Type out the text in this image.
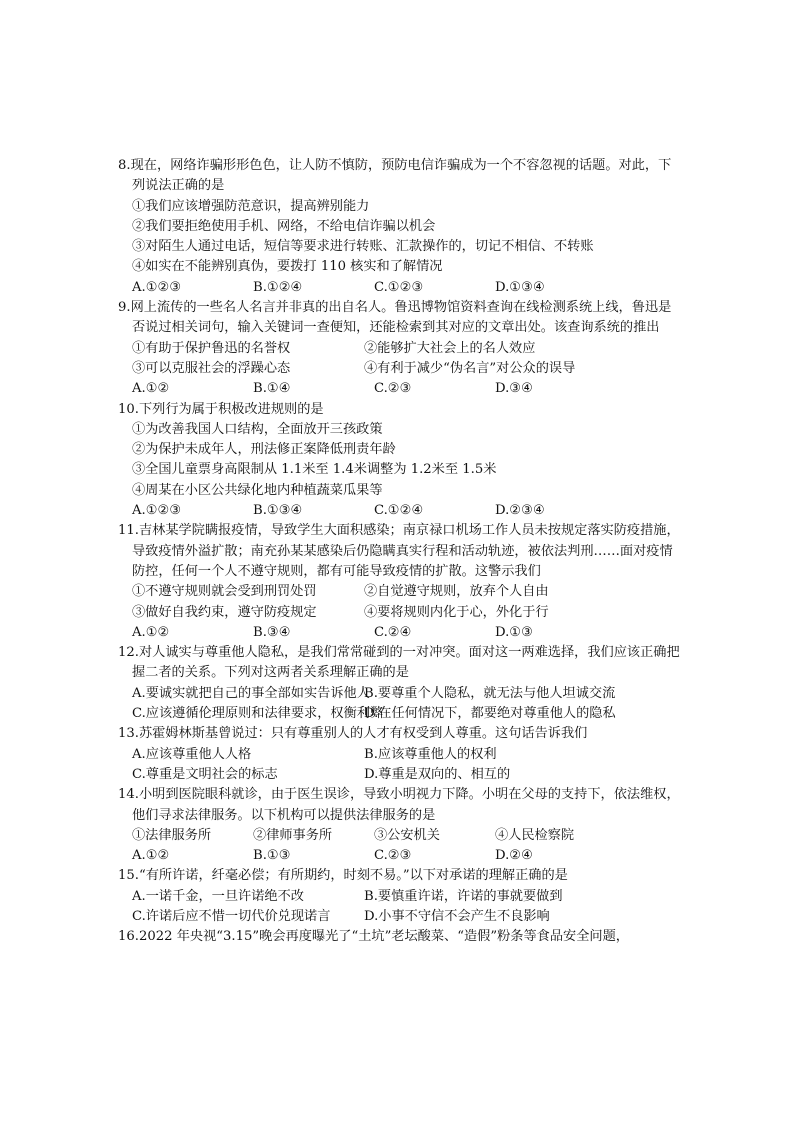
8.现在，网络诈骗形形色色，让人防不慎防，预防电信诈骗成为一个不容忽视的话题。对此，下列说法正确的是

①我们应该增强防范意识，提高辨别能力

②我们要拒绝使用手机、网络，不给电信诈骗以机会

③对陌生人通过电话，短信等要求进行转账、汇款操作的，切记不相信、不转账

④如实在不能辨别真伪，要拨打 110 核实和了解情况

A.①②③	B.①②④	C.①②③	D.①③④

9.网上流传的一些名人名言并非真的出自名人。鲁迅博物馆资料查询在线检测系统上线，鲁迅是否说过相关词句，输入关键词一查便知，还能检索到其对应的文章出处。该查询系统的推出

①有助于保护鲁迅的名誉权	②能够扩大社会上的名人效应
③可以克服社会的浮躁心态	④有利于减少“伪名言”对公众的误导
A.①②	B.①④	C.②③	D.③④

10.下列行为属于积极改进规则的是

①为改善我国人口结构，全面放开三孩政策

②为保护未成年人，刑法修正案降低刑责年龄

③全国儿童票身高限制从 1.1米至 1.4米调整为 1.2米至 1.5米

④周某在小区公共绿化地内种植蔬菜瓜果等

A.①②③	B.①③④	C.①②④	D.②③④

11.吉林某学院瞒报疫情，导致学生大面积感染；南京禄口机场工作人员未按规定落实防疫措施，导致疫情外溢扩散；南充孙某某感染后仍隐瞒真实行程和活动轨迹，被依法判刑……面对疫情防控，任何一个人不遵守规则，都有可能导致疫情的扩散。这警示我们

①不遵守规则就会受到刑罚处罚	②自觉遵守规则，放弃个人自由
③做好自我约束，遵守防疫规定	④要将规则内化于心，外化于行
A.①②	B.③④	C.②④	D.①③

12.对人诚实与尊重他人隐私，是我们常常碰到的一对冲突。面对这一两难选择，我们应该正确把握二者的关系。下列对这两者关系理解正确的是

A.要诚实就把自己的事全部如实告诉他人
B.要尊重个人隐私，就无法与他人坦诚交流
C.应该遵循伦理原则和法律要求，权衡利弊
D.在任何情况下，都要绝对尊重他人的隐私

13.苏霍姆林斯基曾说过：只有尊重别人的人才有权受到人尊重。这句话告诉我们

A.应该尊重他人人格	B.应该尊重他人的权利
C.尊重是文明社会的标志	D.尊重是双向的、相互的

14.小明到医院眼科就诊，由于医生误诊，导致小明视力下降。小明在父母的支持下，依法维权，他们寻求法律服务。以下机构可以提供法律服务的是

①法律服务所	②律师事务所	③公安机关	④人民检察院
A.①②	B.①③	C.②③	D.②④

15.“有所许诺，纤毫必偿；有所期约，时刻不易。”以下对承诺的理解正确的是

A.一诺千金，一旦许诺绝不改	B.要慎重许诺，许诺的事就要做到
C.许诺后应不惜一切代价兑现诺言	D.小事不守信不会产生不良影响

16.2022 年央视“3.15”晚会再度曝光了“土坑”老坛酸菜、“造假”粉条等食品安全问题，
